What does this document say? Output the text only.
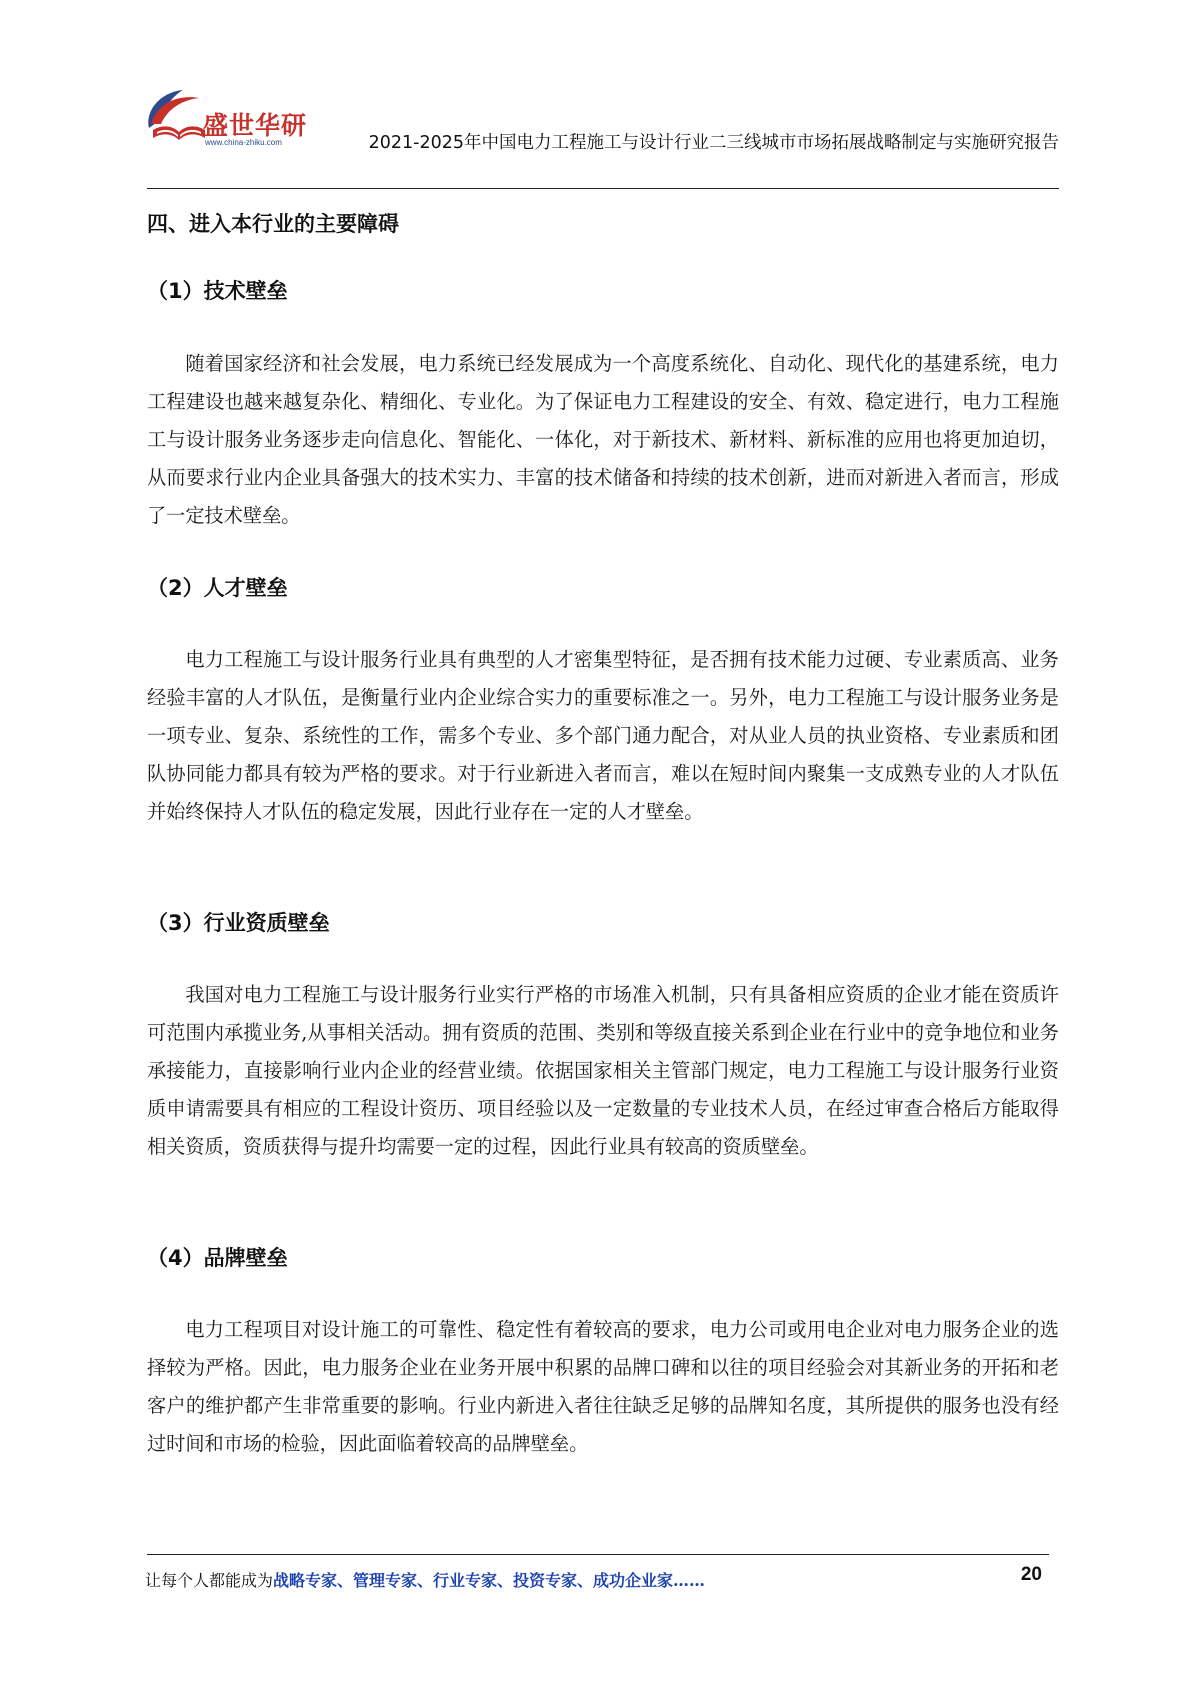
盛世华研
www.china-zhiku.com	2021-2025年中国电力工程施工与设计行业二三线城市市场拓展战略制定与实施研究报告
四、进入本行业的主要障碍
（1）技术壁垒

随着国家经济和社会发展，电力系统已经发展成为一个高度系统化、自动化、现代化的基建系统，电力工程建设也越来越复杂化、精细化、专业化。为了保证电力工程建设的安全、有效、稳定进行，电力工程施工与设计服务业务逐步走向信息化、智能化、一体化，对于新技术、新材料、新标准的应用也将更加迫切，从而要求行业内企业具备强大的技术实力、丰富的技术储备和持续的技术创新，进而对新进入者而言，形成了一定技术壁垒。

（2）人才壁垒

电力工程施工与设计服务行业具有典型的人才密集型特征，是否拥有技术能力过硬、专业素质高、业务经验丰富的人才队伍，是衡量行业内企业综合实力的重要标准之一。另外，电力工程施工与设计服务业务是一项专业、复杂、系统性的工作，需多个专业、多个部门通力配合，对从业人员的执业资格、专业素质和团队协同能力都具有较为严格的要求。对于行业新进入者而言，难以在短时间内聚集一支成熟专业的人才队伍并始终保持人才队伍的稳定发展，因此行业存在一定的人才壁垒。

（3）行业资质壁垒

我国对电力工程施工与设计服务行业实行严格的市场准入机制，只有具备相应资质的企业才能在资质许可范围内承揽业务,从事相关活动。拥有资质的范围、类别和等级直接关系到企业在行业中的竞争地位和业务承接能力，直接影响行业内企业的经营业绩。依据国家相关主管部门规定，电力工程施工与设计服务行业资质申请需要具有相应的工程设计资历、项目经验以及一定数量的专业技术人员，在经过审查合格后方能取得相关资质，资质获得与提升均需要一定的过程，因此行业具有较高的资质壁垒。

（4）品牌壁垒

电力工程项目对设计施工的可靠性、稳定性有着较高的要求，电力公司或用电企业对电力服务企业的选择较为严格。因此，电力服务企业在业务开展中积累的品牌口碑和以往的项目经验会对其新业务的开拓和老客户的维护都产生非常重要的影响。行业内新进入者往往缺乏足够的品牌知名度，其所提供的服务也没有经过时间和市场的检验，因此面临着较高的品牌壁垒。

让每个人都能成为战略专家、管理专家、行业专家、投资专家、成功企业家……	20
